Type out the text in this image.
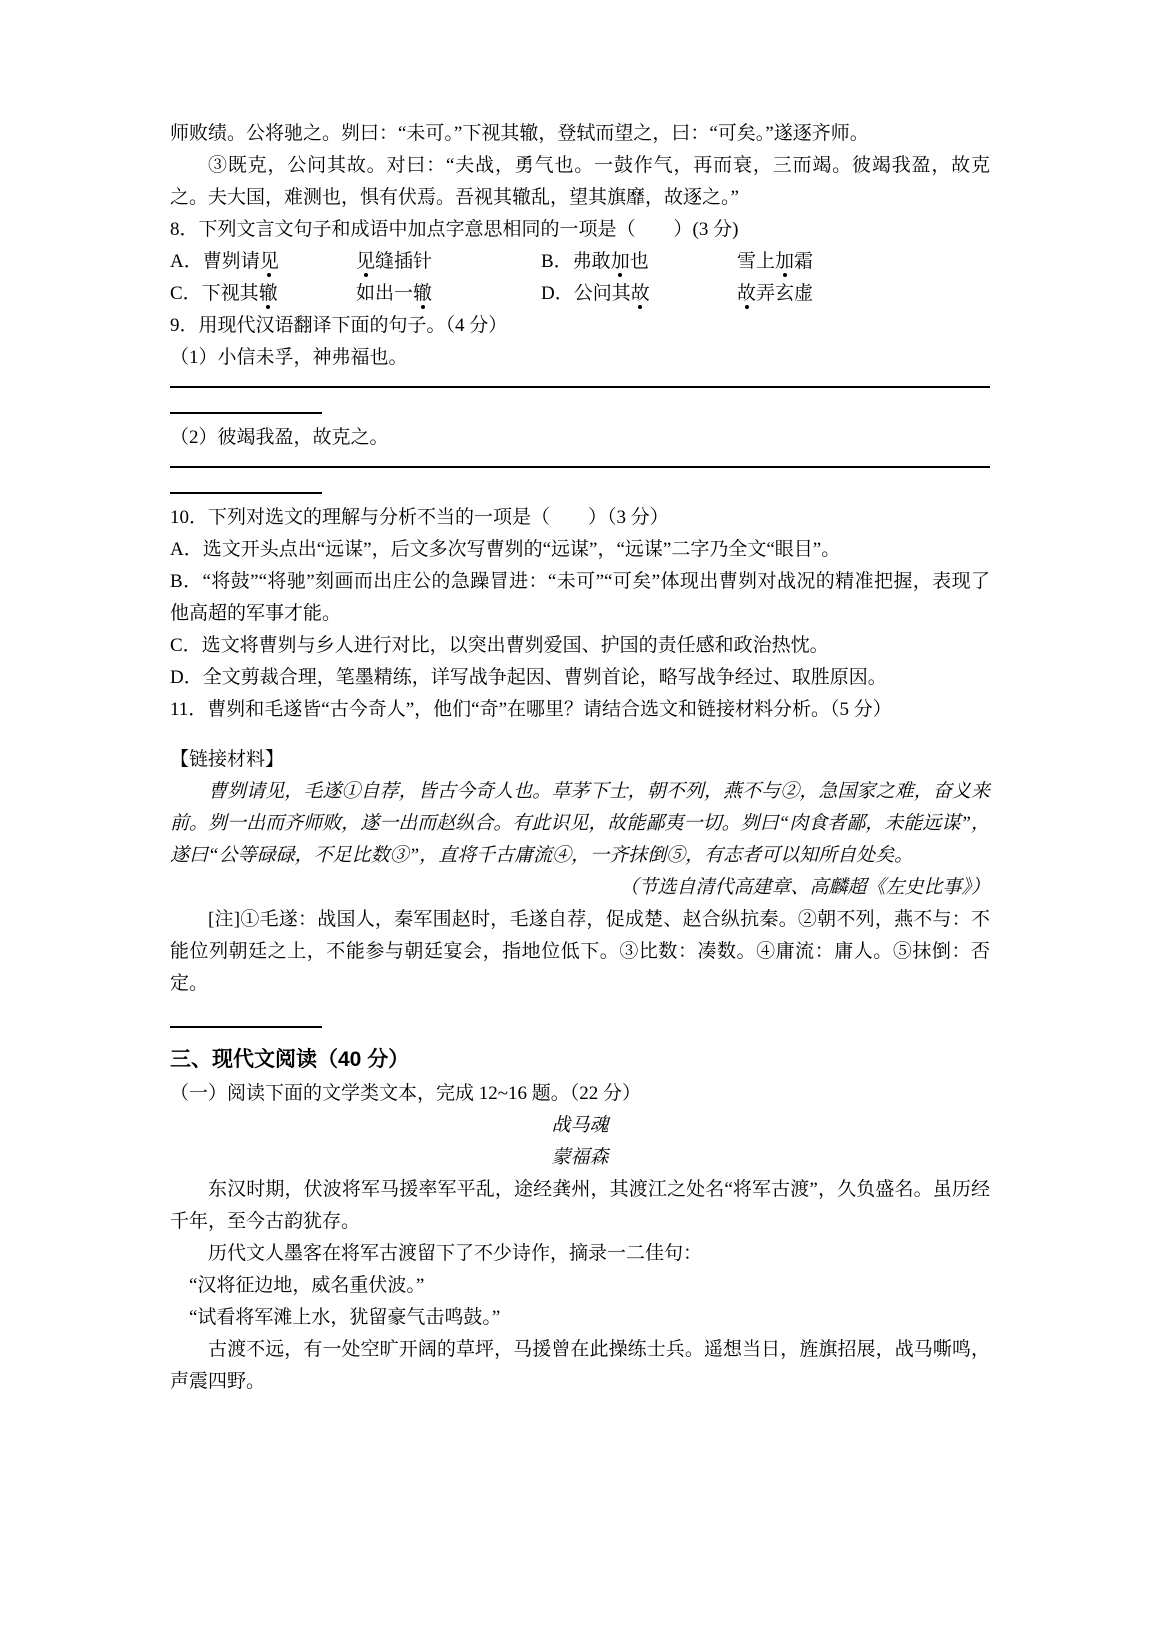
师败绩。公将驰之。刿曰：“未可。”下视其辙，登轼而望之，曰：“可矣。”遂逐齐师。

③既克，公问其故。对曰：“夫战，勇气也。一鼓作气，再而衰，三而竭。彼竭我盈，故克之。夫大国，难测也，惧有伏焉。吾视其辙乱，望其旗靡，故逐之。”

8．下列文言文句子和成语中加点字意思相同的一项是（　　）(3 分)

A．曹刿请见	见缝插针	B．弗敢加也	雪上加霜
C．下视其辙	如出一辙	D．公问其故	故弄玄虚

9．用现代汉语翻译下面的句子。（4 分）

（1）小信未孚，神弗福也。

（2）彼竭我盈，故克之。

10．下列对选文的理解与分析不当的一项是（　　）（3 分）

A．选文开头点出“远谋”，后文多次写曹刿的“远谋”，“远谋”二字乃全文“眼目”。

B．“将鼓”“将驰”刻画而出庄公的急躁冒进：“未可”“可矣”体现出曹刿对战况的精准把握，表现了他高超的军事才能。

C．选文将曹刿与乡人进行对比，以突出曹刿爱国、护国的责任感和政治热忱。

D．全文剪裁合理，笔墨精练，详写战争起因、曹刿首论，略写战争经过、取胜原因。

11．曹刿和毛遂皆“古今奇人”，他们“奇”在哪里？请结合选文和链接材料分析。（5 分）

【链接材料】

曹刿请见，毛遂①自荐，皆古今奇人也。草茅下士，朝不列，燕不与②，急国家之难，奋义来前。刿一出而齐师败，遂一出而赵纵合。有此识见，故能鄙夷一切。刿曰“肉食者鄙，未能远谋”，遂曰“公等碌碌，不足比数③”，直将千古庸流④，一齐抹倒⑤，有志者可以知所自处矣。

（节选自清代高建章、高麟超《左史比事》）

[注]①毛遂：战国人，秦军围赵时，毛遂自荐，促成楚、赵合纵抗秦。②朝不列，燕不与：不能位列朝廷之上，不能参与朝廷宴会，指地位低下。③比数：凑数。④庸流：庸人。⑤抹倒：否定。

三、现代文阅读（40 分）

（一）阅读下面的文学类文本，完成 12~16 题。（22 分）

战马魂

蒙福森

东汉时期，伏波将军马援率军平乱，途经龚州，其渡江之处名“将军古渡”，久负盛名。虽历经千年，至今古韵犹存。

历代文人墨客在将军古渡留下了不少诗作，摘录一二佳句：

“汉将征边地，威名重伏波。”

“试看将军滩上水，犹留豪气击鸣鼓。”

古渡不远，有一处空旷开阔的草坪，马援曾在此操练士兵。遥想当日，旌旗招展，战马嘶鸣，声震四野。
